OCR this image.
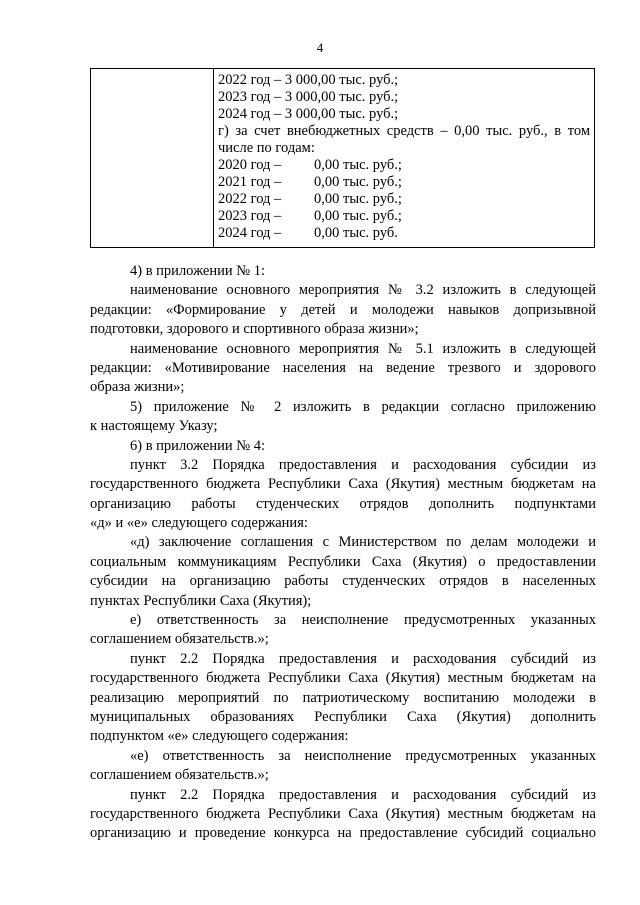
4

2022 год – 3 000,00 тыс. руб.;
2023 год – 3 000,00 тыс. руб.;
2024 год – 3 000,00 тыс. руб.;
г) за счет внебюджетных средств – 0,00 тыс. руб., в том
числе по годам:
2020 год – 0,00 тыс. руб.;
2021 год – 0,00 тыс. руб.;
2022 год – 0,00 тыс. руб.;
2023 год – 0,00 тыс. руб.;
2024 год – 0,00 тыс. руб.
4) в приложении № 1:
наименование основного мероприятия № 3.2 изложить в следующей
редакции: «Формирование у детей и молодежи навыков допризывной
подготовки, здорового и спортивного образа жизни»;
наименование основного мероприятия № 5.1 изложить в следующей
редакции: «Мотивирование населения на ведение трезвого и здорового
образа жизни»;
5) приложение № 2 изложить в редакции согласно приложению
к настоящему Указу;
6) в приложении № 4:
пункт 3.2 Порядка предоставления и расходования субсидии из
государственного бюджета Республики Саха (Якутия) местным бюджетам на
организацию работы студенческих отрядов дополнить подпунктами
«д» и «е» следующего содержания:
«д) заключение соглашения с Министерством по делам молодежи и
социальным коммуникациям Республики Саха (Якутия) о предоставлении
субсидии на организацию работы студенческих отрядов в населенных
пунктах Республики Саха (Якутия);
е) ответственность за неисполнение предусмотренных указанных
соглашением обязательств.»;
пункт 2.2 Порядка предоставления и расходования субсидий из
государственного бюджета Республики Саха (Якутия) местным бюджетам на
реализацию мероприятий по патриотическому воспитанию молодежи в
муниципальных образованиях Республики Саха (Якутия) дополнить
подпунктом «е» следующего содержания:
«е) ответственность за неисполнение предусмотренных указанных
соглашением обязательств.»;
пункт 2.2 Порядка предоставления и расходования субсидий из
государственного бюджета Республики Саха (Якутия) местным бюджетам на
организацию и проведение конкурса на предоставление субсидий социально
